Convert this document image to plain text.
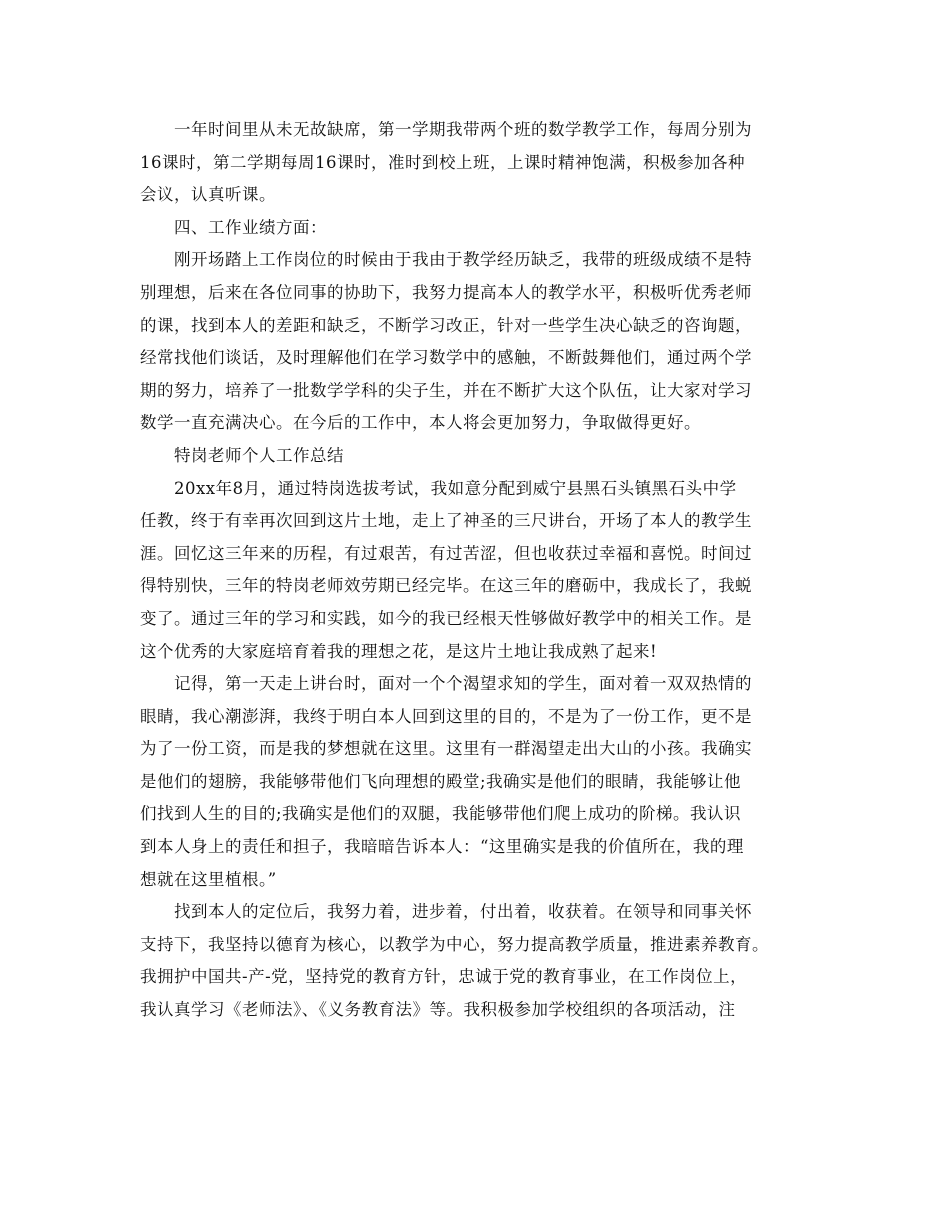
一年时间里从未无故缺席，第一学期我带两个班的数学教学工作，每周分别为
16课时，第二学期每周16课时，准时到校上班，上课时精神饱满，积极参加各种
会议，认真听课。
四、工作业绩方面：
刚开场踏上工作岗位的时候由于我由于教学经历缺乏，我带的班级成绩不是特
别理想，后来在各位同事的协助下，我努力提高本人的教学水平，积极听优秀老师
的课，找到本人的差距和缺乏，不断学习改正，针对一些学生决心缺乏的咨询题，
经常找他们谈话，及时理解他们在学习数学中的感触，不断鼓舞他们，通过两个学
期的努力，培养了一批数学学科的尖子生，并在不断扩大这个队伍，让大家对学习
数学一直充满决心。在今后的工作中，本人将会更加努力，争取做得更好。
特岗老师个人工作总结
20xx年8月，通过特岗选拔考试，我如意分配到威宁县黑石头镇黑石头中学
任教，终于有幸再次回到这片土地，走上了神圣的三尺讲台，开场了本人的教学生
涯。回忆这三年来的历程，有过艰苦，有过苦涩，但也收获过幸福和喜悦。时间过
得特别快，三年的特岗老师效劳期已经完毕。在这三年的磨砺中，我成长了，我蜕
变了。通过三年的学习和实践，如今的我已经根天性够做好教学中的相关工作。是
这个优秀的大家庭培育着我的理想之花，是这片土地让我成熟了起来!
记得，第一天走上讲台时，面对一个个渴望求知的学生，面对着一双双热情的
眼睛，我心潮澎湃，我终于明白本人回到这里的目的，不是为了一份工作，更不是
为了一份工资，而是我的梦想就在这里。这里有一群渴望走出大山的小孩。我确实
是他们的翅膀，我能够带他们飞向理想的殿堂;我确实是他们的眼睛，我能够让他
们找到人生的目的;我确实是他们的双腿，我能够带他们爬上成功的阶梯。我认识
到本人身上的责任和担子，我暗暗告诉本人：“这里确实是我的价值所在，我的理
想就在这里植根。”
找到本人的定位后，我努力着，进步着，付出着，收获着。在领导和同事关怀
支持下，我坚持以德育为核心，以教学为中心，努力提高教学质量，推进素养教育。
我拥护中国共-产-党，坚持党的教育方针，忠诚于党的教育事业，在工作岗位上，
我认真学习《老师法》、《义务教育法》等。我积极参加学校组织的各项活动，注
